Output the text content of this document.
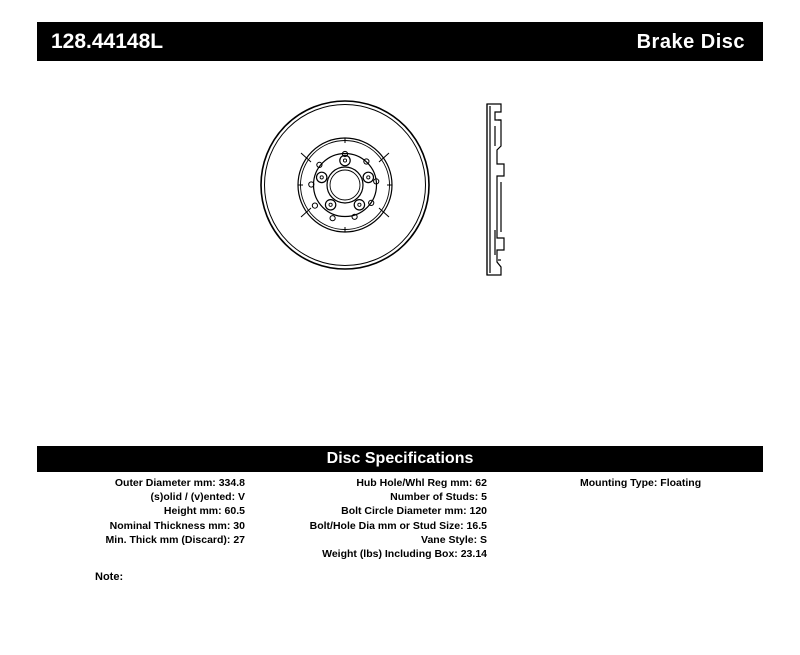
128.44148L	Brake Disc
Disc Specifications
Outer Diameter mm: 334.8
(s)olid / (v)ented: V
Height mm: 60.5
Nominal Thickness mm: 30
Min. Thick mm (Discard): 27
Hub Hole/Whl Reg mm: 62
Number of Studs: 5
Bolt Circle Diameter mm: 120
Bolt/Hole Dia mm or Stud Size: 16.5
Vane Style: S
Weight (lbs) Including Box: 23.14
Mounting Type: Floating
Note:
